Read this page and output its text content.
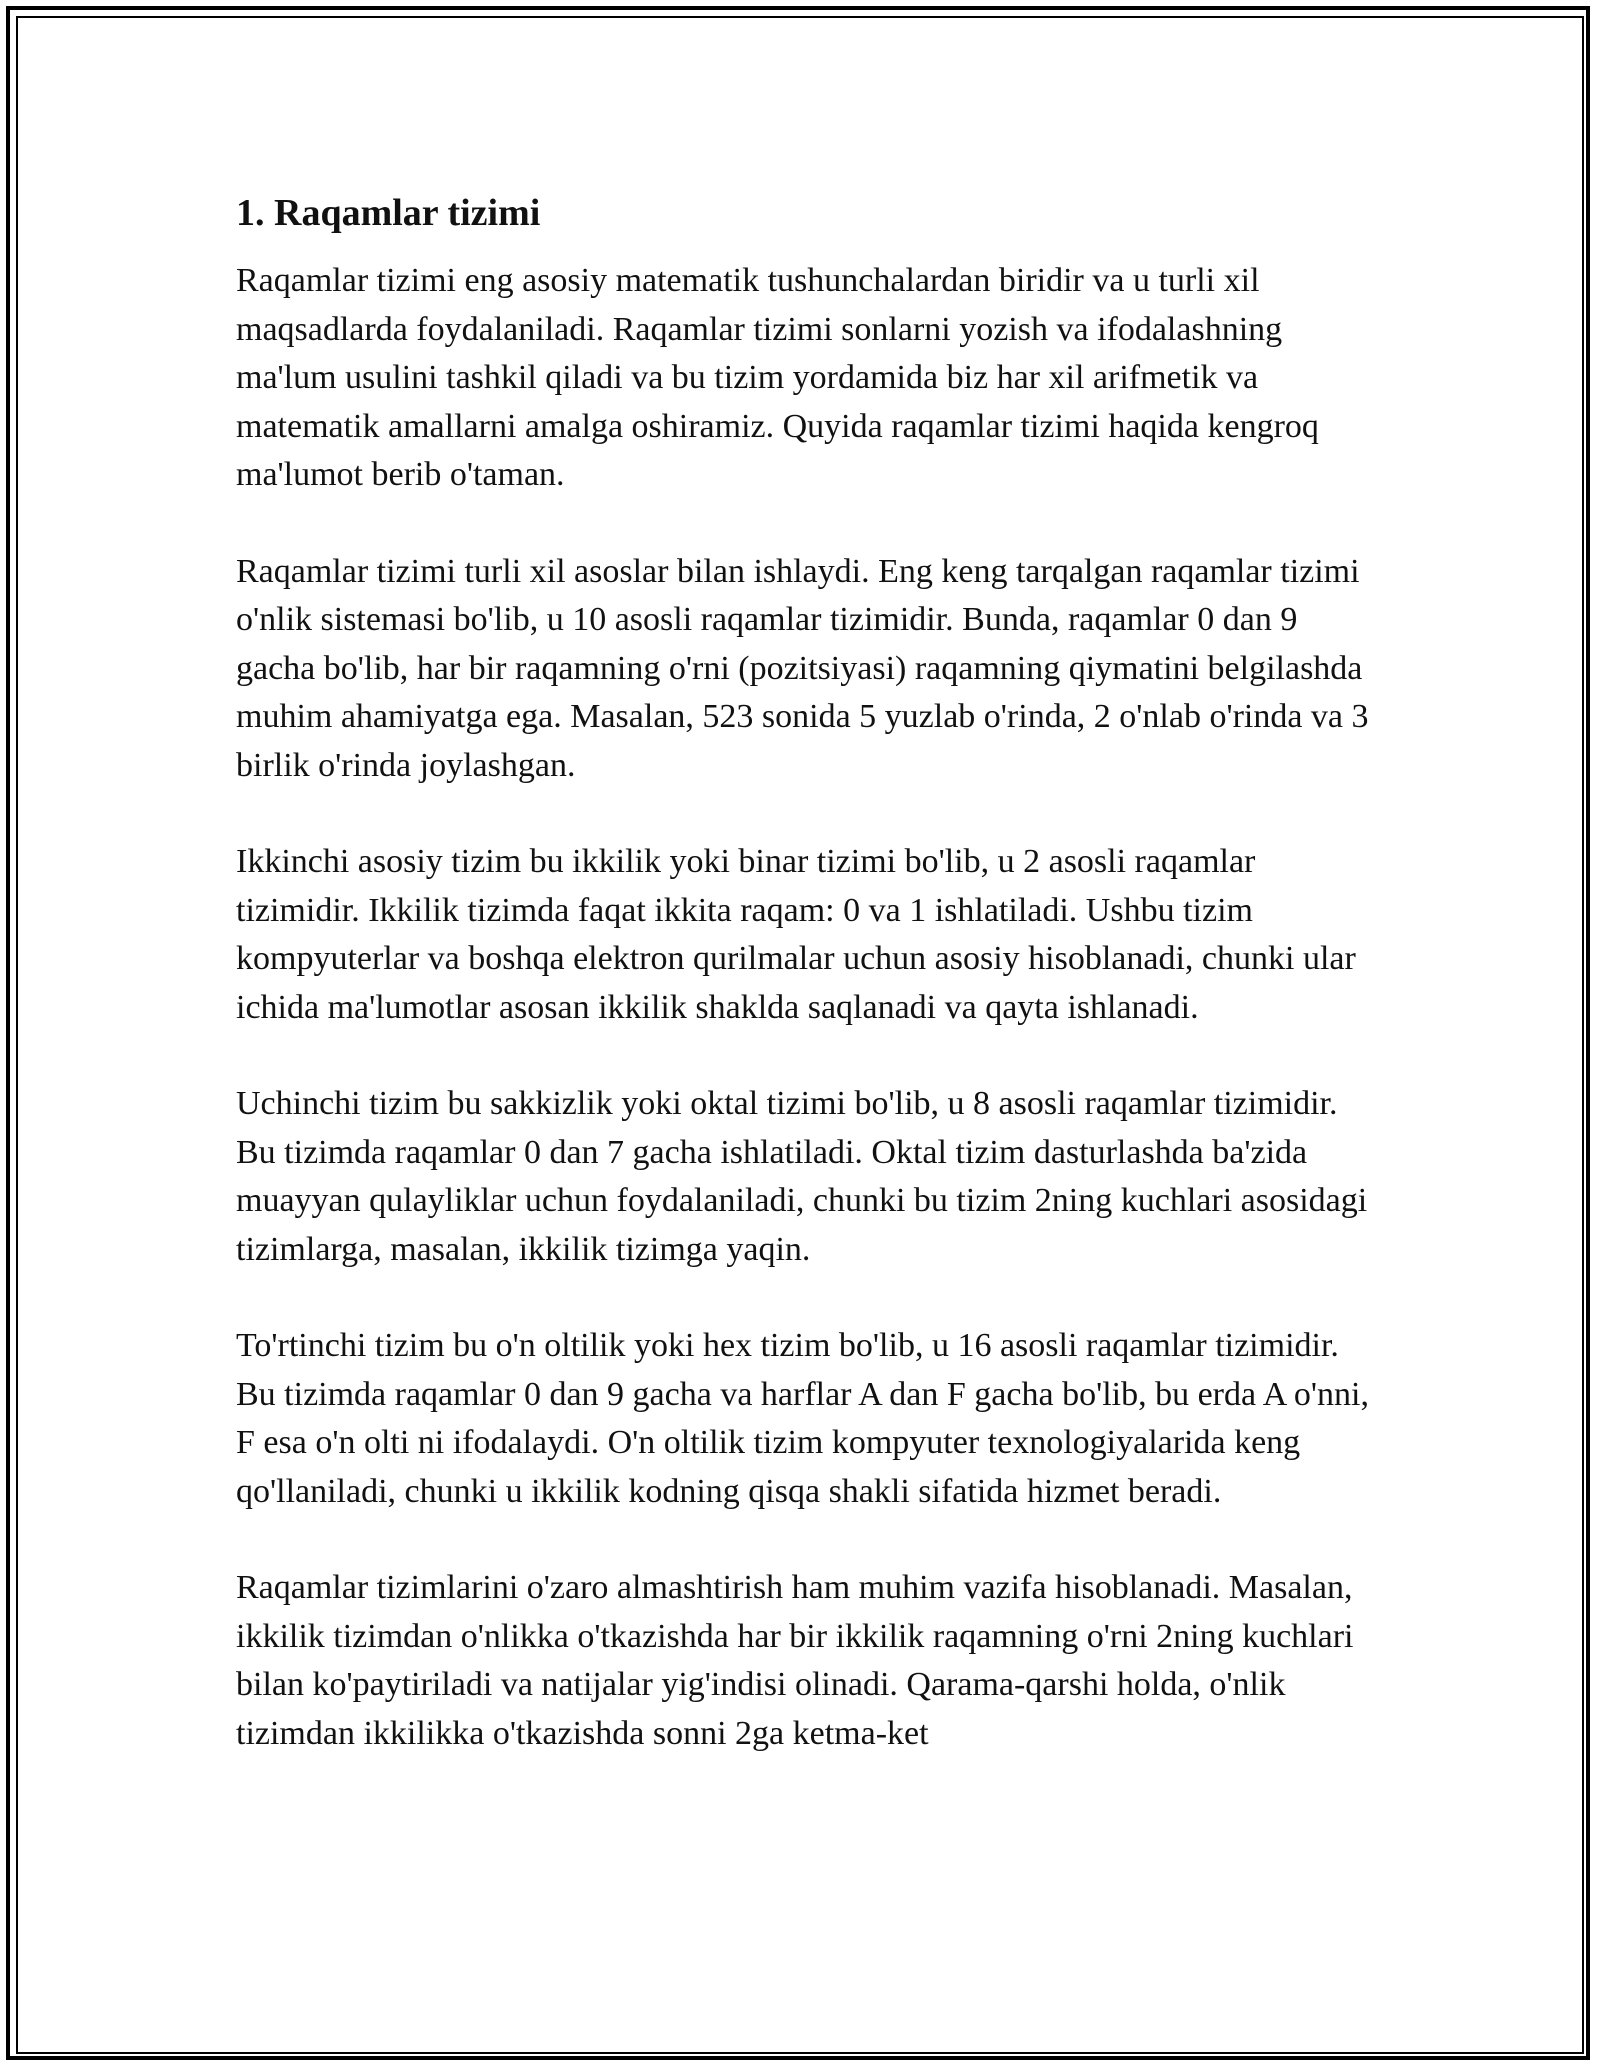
1. Raqamlar tizimi

Raqamlar tizimi eng asosiy matematik tushunchalardan biridir va u turli xil maqsadlarda foydalaniladi. Raqamlar tizimi sonlarni yozish va ifodalashning ma'lum usulini tashkil qiladi va bu tizim yordamida biz har xil arifmetik va matematik amallarni amalga oshiramiz. Quyida raqamlar tizimi haqida kengroq ma'lumot berib o'taman.

Raqamlar tizimi turli xil asoslar bilan ishlaydi. Eng keng tarqalgan raqamlar tizimi o'nlik sistemasi bo'lib, u 10 asosli raqamlar tizimidir. Bunda, raqamlar 0 dan 9 gacha bo'lib, har bir raqamning o'rni (pozitsiyasi) raqamning qiymatini belgilashda muhim ahamiyatga ega. Masalan, 523 sonida 5 yuzlab o'rinda, 2 o'nlab o'rinda va 3 birlik o'rinda joylashgan.

Ikkinchi asosiy tizim bu ikkilik yoki binar tizimi bo'lib, u 2 asosli raqamlar tizimidir. Ikkilik tizimda faqat ikkita raqam: 0 va 1 ishlatiladi. Ushbu tizim kompyuterlar va boshqa elektron qurilmalar uchun asosiy hisoblanadi, chunki ular ichida ma'lumotlar asosan ikkilik shaklda saqlanadi va qayta ishlanadi.

Uchinchi tizim bu sakkizlik yoki oktal tizimi bo'lib, u 8 asosli raqamlar tizimidir. Bu tizimda raqamlar 0 dan 7 gacha ishlatiladi. Oktal tizim dasturlashda ba'zida muayyan qulayliklar uchun foydalaniladi, chunki bu tizim 2ning kuchlari asosidagi tizimlarga, masalan, ikkilik tizimga yaqin.

To'rtinchi tizim bu o'n oltilik yoki hex tizim bo'lib, u 16 asosli raqamlar tizimidir. Bu tizimda raqamlar 0 dan 9 gacha va harflar A dan F gacha bo'lib, bu erda A o'nni, F esa o'n olti ni ifodalaydi. O'n oltilik tizim kompyuter texnologiyalarida keng qo'llaniladi, chunki u ikkilik kodning qisqa shakli sifatida hizmet beradi.

Raqamlar tizimlarini o'zaro almashtirish ham muhim vazifa hisoblanadi. Masalan, ikkilik tizimdan o'nlikka o'tkazishda har bir ikkilik raqamning o'rni 2ning kuchlari bilan ko'paytiriladi va natijalar yig'indisi olinadi. Qarama-qarshi holda, o'nlik tizimdan ikkilikka o'tkazishda sonni 2ga ketma-ket
